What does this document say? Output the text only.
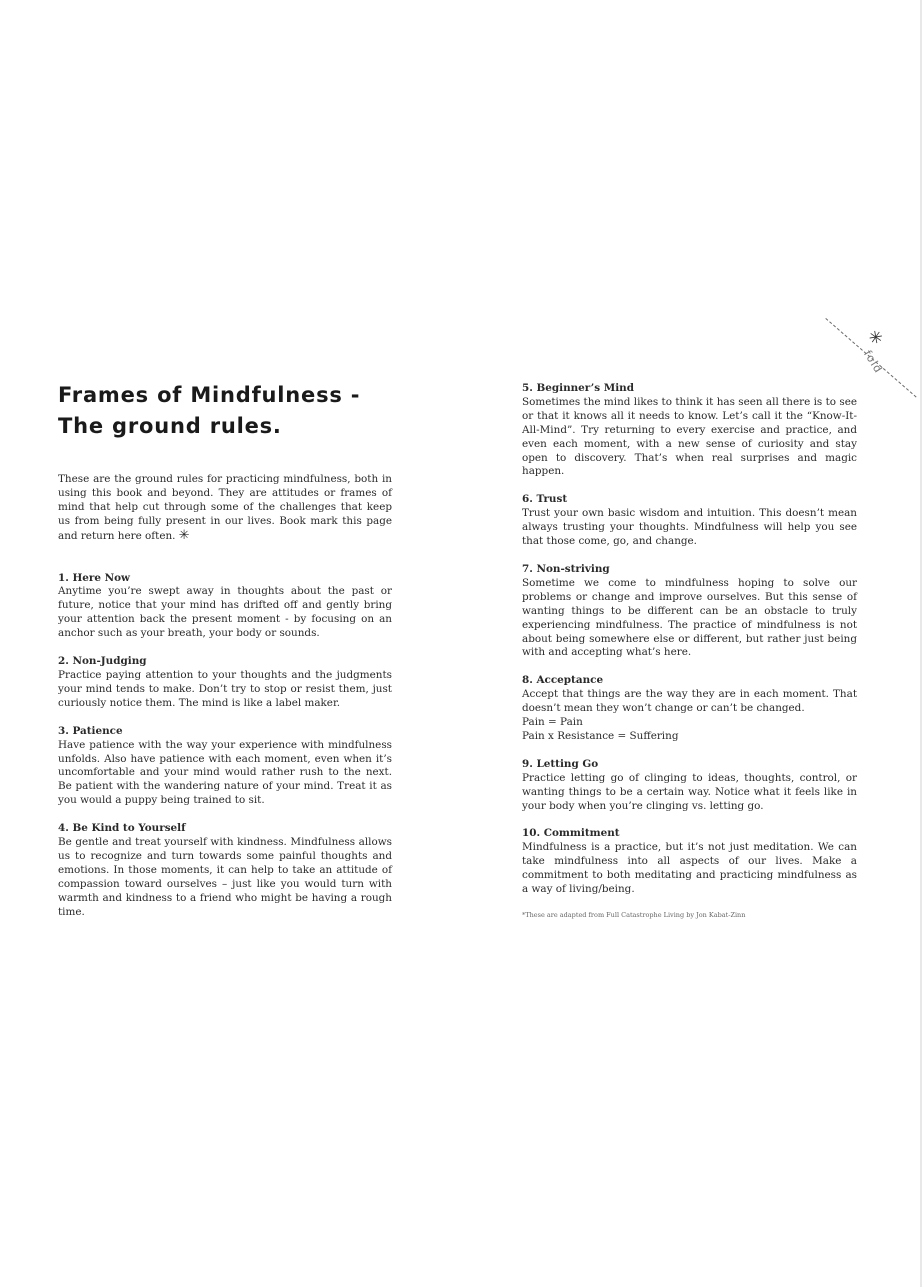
✳
fold
Frames of Mindfulness -
The ground rules.

These are the ground rules for practicing mindfulness, both in using this book and beyond. They are attitudes or frames of mind that help cut through some of the challenges that keep us from being fully present in our lives. Book mark this page and return here often. ✳

1. Here Now

Anytime you’re swept away in thoughts about the past or future, notice that your mind has drifted off and gently bring your attention back the present moment - by focusing on an anchor such as your breath, your body or sounds.

2. Non-Judging

Practice paying attention to your thoughts and the judgments your mind tends to make. Don’t try to stop or resist them, just curiously notice them. The mind is like a label maker.

3. Patience

Have patience with the way your experience with mindfulness unfolds. Also have patience with each moment, even when it’s uncomfortable and your mind would rather rush to the next. Be patient with the wandering nature of your mind. Treat it as you would a puppy being trained to sit.

4. Be Kind to Yourself

Be gentle and treat yourself with kindness. Mindfulness allows us to recognize and turn towards some painful thoughts and emotions. In those moments, it can help to take an attitude of compassion toward ourselves – just like you would turn with warmth and kindness to a friend who might be having a rough time.

5. Beginner’s Mind

Sometimes the mind likes to think it has seen all there is to see or that it knows all it needs to know. Let’s call it the “Know-It-All-Mind”. Try returning to every exercise and practice, and even each moment, with a new sense of curiosity and stay open to discovery. That’s when real surprises and magic happen.

6. Trust

Trust your own basic wisdom and intuition. This doesn’t mean always trusting your thoughts. Mindfulness will help you see that those come, go, and change.

7. Non-striving

Sometime we come to mindfulness hoping to solve our problems or change and improve ourselves. But this sense of wanting things to be different can be an obstacle to truly experiencing mindfulness. The practice of mindfulness is not about being somewhere else or different, but rather just being with and accepting what’s here.

8. Acceptance

Accept that things are the way they are in each moment. That doesn’t mean they won’t change or can’t be changed.

Pain = Pain

Pain x Resistance = Suffering

9. Letting Go

Practice letting go of clinging to ideas, thoughts, control, or wanting things to be a certain way. Notice what it feels like in your body when you’re clinging vs. letting go.

10. Commitment

Mindfulness is a practice, but it’s not just meditation. We can take mindfulness into all aspects of our lives. Make a commitment to both meditating and practicing mindfulness as a way of living/being.

*These are adapted from Full Catastrophe Living by Jon Kabat-Zinn
